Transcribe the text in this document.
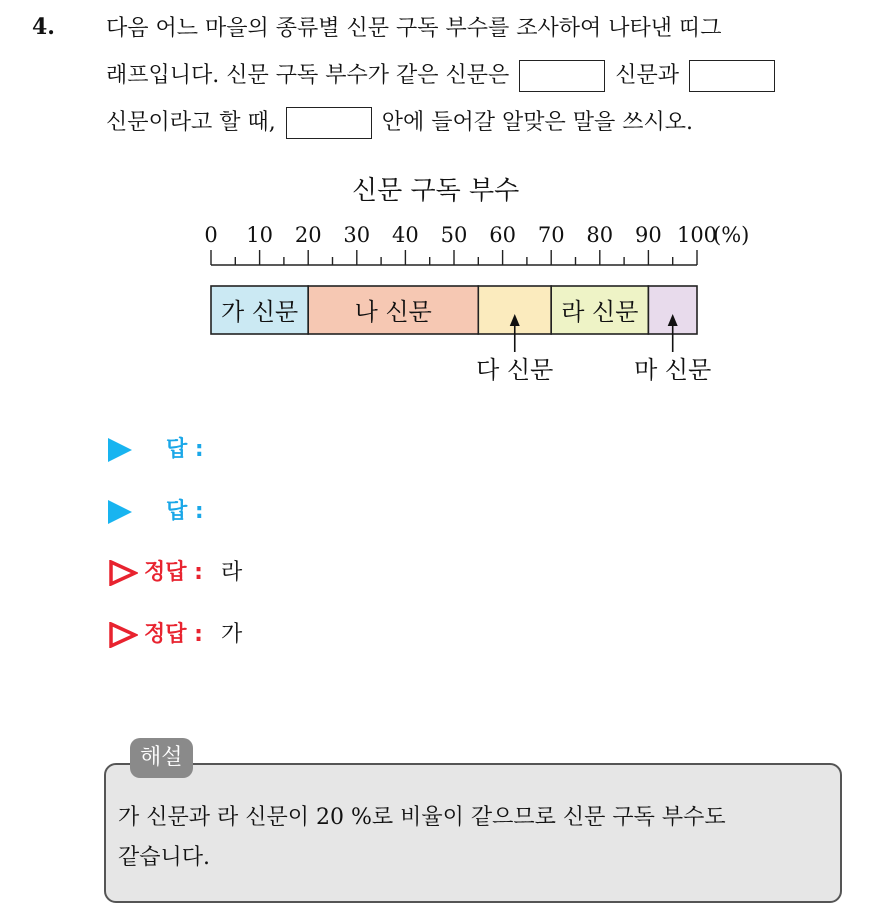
4. 다음 어느 마을의 종류별 신문 구독 부수를 조사하여 나타낸 띠그
래프입니다. 신문 구독 부수가 같은 신문은	신문과
신문이라고 할 때,	안에 들어갈 알맞은 말을 쓰시오.
신문 구독 부수
0 10 20 30 40 50 60 70 80 90 100
(%)
가 신문 나 신문
다 신문
라 신문
마 신문
답 :
답 :
정답 : 라
정답 : 가
해설
가 신문과 라 신문이 20 %로 비율이 같으므로 신문 구독 부수도
같습니다.
